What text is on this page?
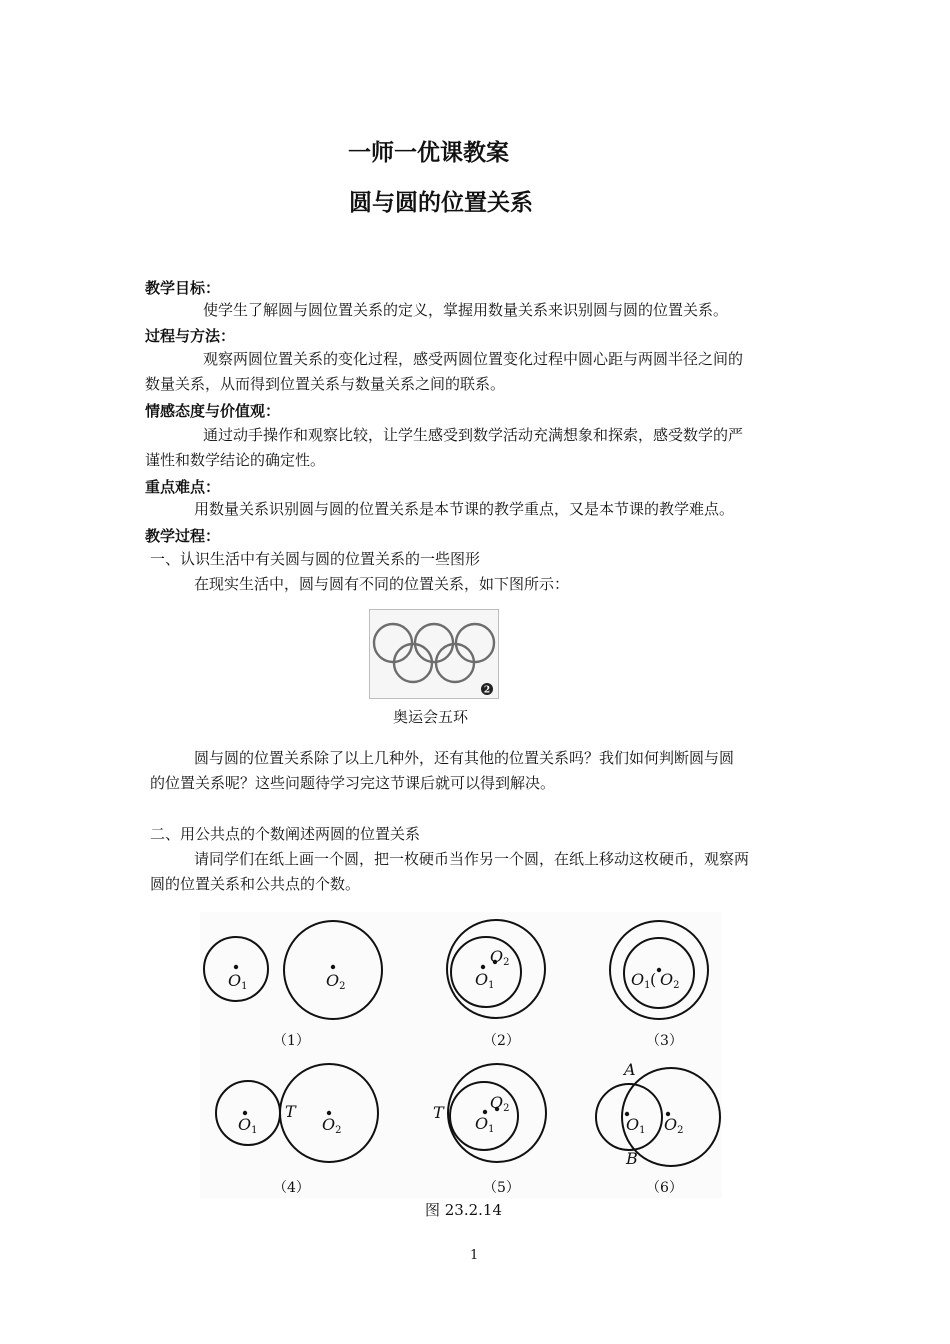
一师一优课教案
圆与圆的位置关系
教学目标：
使学生了解圆与圆位置关系的定义，掌握用数量关系来识别圆与圆的位置关系。
过程与方法：
观察两圆位置关系的变化过程，感受两圆位置变化过程中圆心距与两圆半径之间的
数量关系，从而得到位置关系与数量关系之间的联系。
情感态度与价值观：
通过动手操作和观察比较，让学生感受到数学活动充满想象和探索，感受数学的严
谨性和数学结论的确定性。
重点难点：
用数量关系识别圆与圆的位置关系是本节课的教学重点，又是本节课的教学难点。
教学过程：
一、认识生活中有关圆与圆的位置关系的一些图形
在现实生活中，圆与圆有不同的位置关系，如下图所示：
2
奥运会五环
圆与圆的位置关系除了以上几种外，还有其他的位置关系吗？我们如何判断圆与圆
的位置关系呢？这些问题待学习完这节课后就可以得到解决。
二、用公共点的个数阐述两圆的位置关系
请同学们在纸上画一个圆，把一枚硬币当作另一个圆，在纸上移动这枚硬币，观察两
圆的位置关系和公共点的个数。
O1	O2	O1
O2
O1 ( O2
O1	O2
T
O1
O2
T
O1 O2
A
B
（1）	（2）	（3）
（4）	（5）	（6）
图 23.2.14
1
